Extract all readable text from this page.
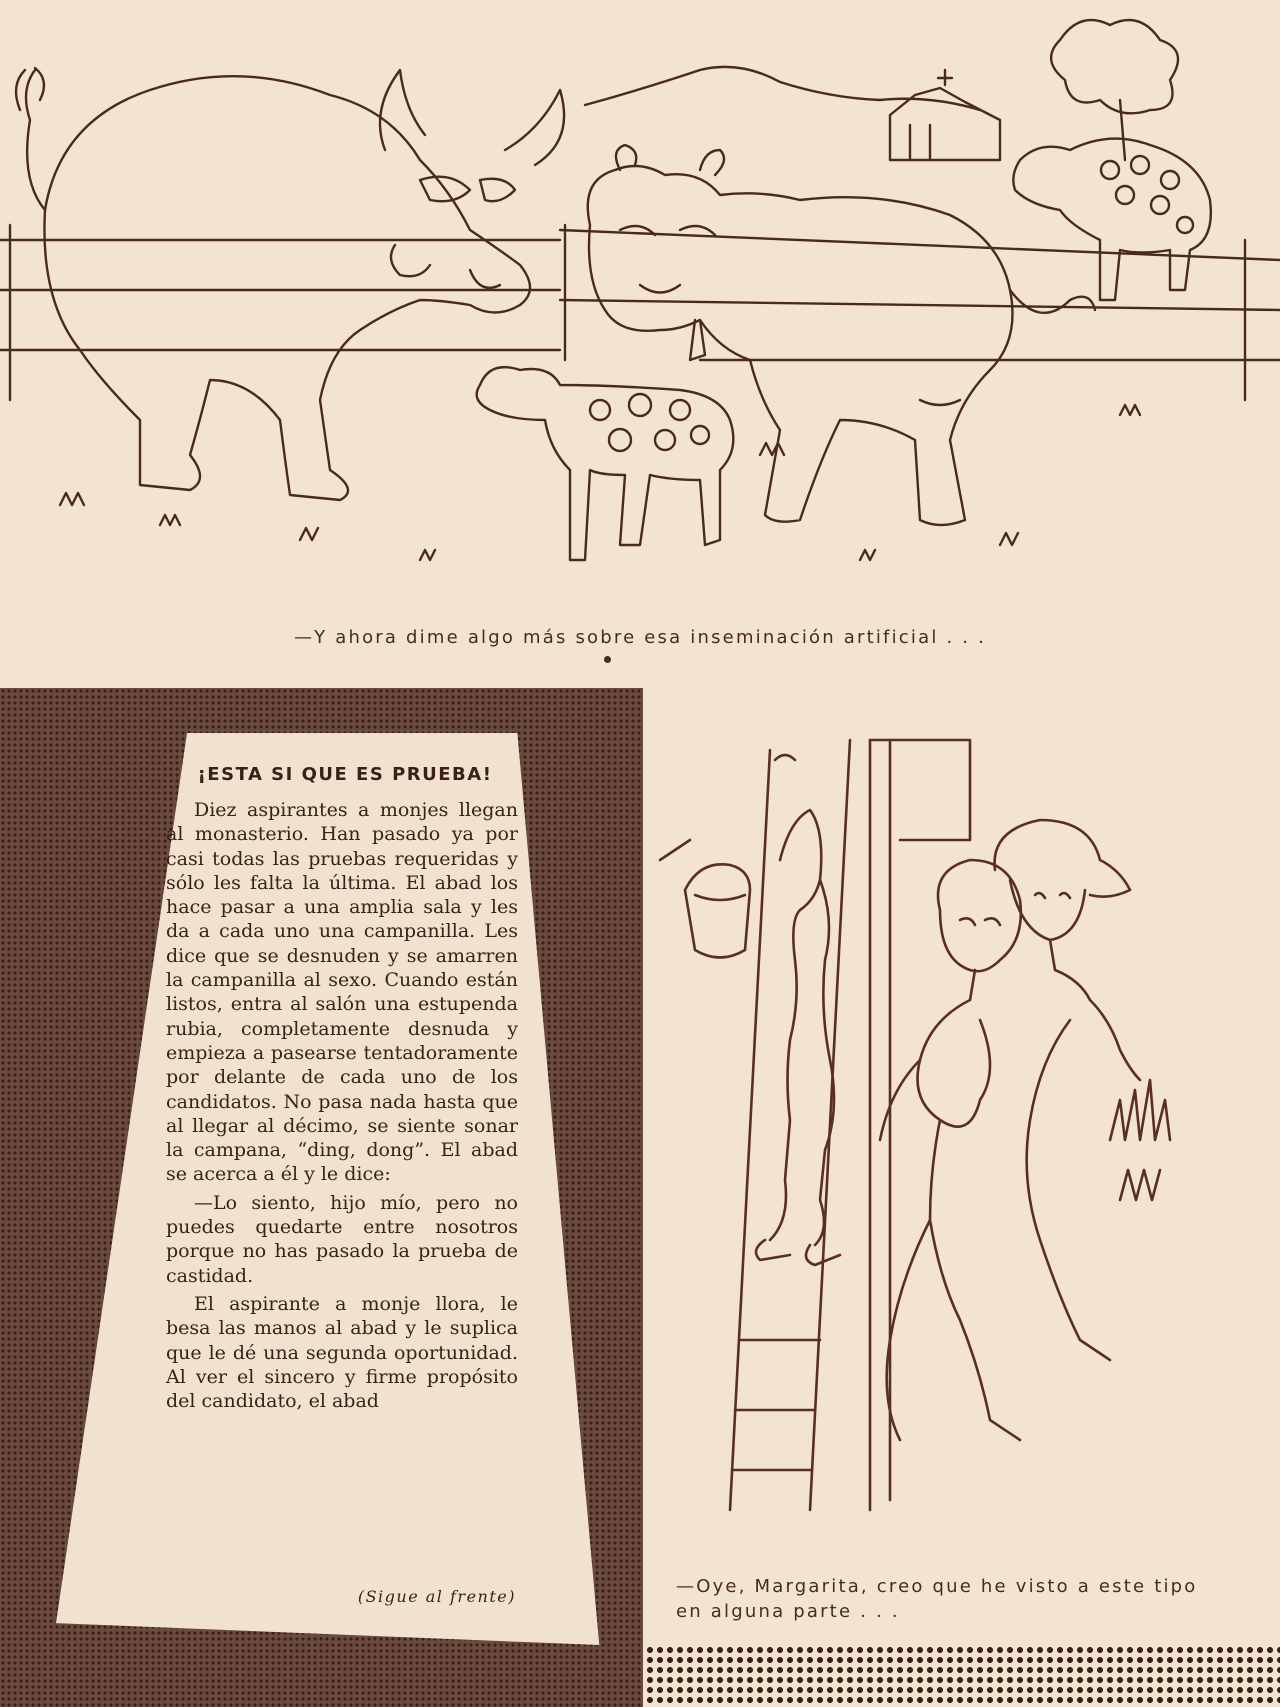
—Y ahora dime algo más sobre esa inseminación artificial . . .
¡ESTA SI QUE ES PRUEBA!

Diez aspirantes a monjes llegan al monasterio. Han pasado ya por casi todas las pruebas requeridas y sólo les falta la última. El abad los hace pasar a una amplia sala y les da a cada uno una campanilla. Les dice que se desnuden y se amarren la campanilla al sexo. Cuando están listos, entra al salón una estupenda rubia, completamente desnuda y empieza a pasearse tentadoramente por delante de cada uno de los candidatos. No pasa nada hasta que al llegar al décimo, se siente sonar la campana, “ding, dong”. El abad se acerca a él y le dice:

—Lo siento, hijo mío, pero no puedes quedarte entre nosotros porque no has pasado la prueba de castidad.

El aspirante a monje llora, le besa las manos al abad y le suplica que le dé una segunda oportunidad. Al ver el sincero y firme propósito del candidato, el abad

(Sigue al frente)	—Oye, Margarita, creo que he visto a este tipo en alguna parte . . .
